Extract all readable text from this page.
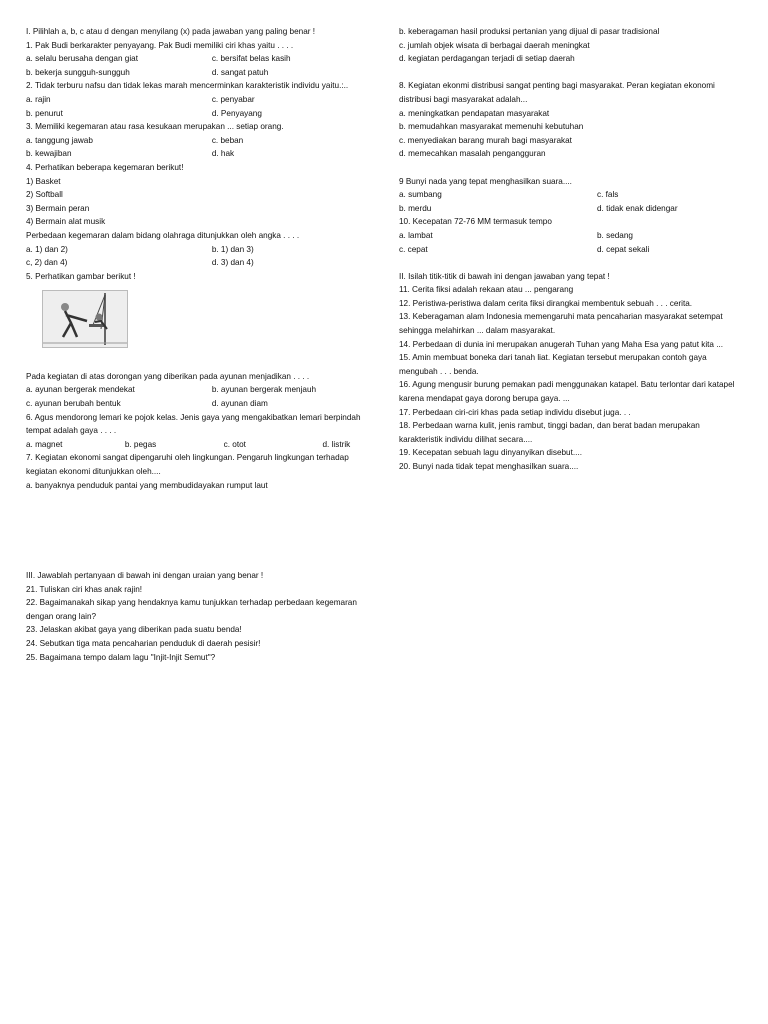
I. Pilihlah a, b, c atau d dengan menyilang (x) pada jawaban yang paling benar !
1. Pak Budi berkarakter penyayang. Pak Budi memiliki ciri khas yaitu . . . .
a. selalu berusaha dengan giat	c. bersifat belas kasih
b. bekerja sungguh-sungguh	d. sangat patuh
2. Tidak terburu nafsu dan tidak lekas marah mencerminkan karakteristik individu yaitu.:..
a. rajin	c. penyabar
b. penurut	d. Penyayang
3. Memiliki kegemaran atau rasa kesukaan merupakan ... setiap orang.
a. tanggung jawab	c. beban
b. kewajiban	d. hak
4. Perhatikan beberapa kegemaran berikut!
1) Basket
2) Softball
3) Bermain peran
4) Bermain alat musik
Perbedaan kegemaran dalam bidang olahraga ditunjukkan oleh angka . . . .
a. 1) dan 2)	b. 1) dan 3)
c, 2) dan 4)	d. 3) dan 4)
5. Perhatikan gambar berikut !
Pada kegiatan di atas dorongan yang diberikan pada ayunan menjadikan . . . .
a. ayunan bergerak mendekat	b. ayunan bergerak menjauh
c. ayunan berubah bentuk	d. ayunan diam
6. Agus mendorong lemari ke pojok kelas. Jenis gaya yang mengakibatkan lemari berpindah tempat adalah gaya . . . .
a. magnet	b. pegas	c. otot	d. listrik
7. Kegiatan ekonomi sangat dipengaruhi oleh lingkungan. Pengaruh lingkungan terhadap kegiatan ekonomi ditunjukkan oleh....
a. banyaknya penduduk pantai yang membudidayakan rumput laut
III. Jawablah pertanyaan di bawah ini dengan uraian yang benar !
21. Tuliskan ciri khas anak rajin!
22. Bagaimanakah sikap yang hendaknya kamu tunjukkan terhadap perbedaan kegemaran dengan orang lain?
23. Jelaskan akibat gaya yang diberikan pada suatu benda!
24. Sebutkan tiga mata pencaharian penduduk di daerah pesisir!
25. Bagaimana tempo dalam lagu "Injit-Injit Semut"?
b. keberagaman hasil produksi pertanian yang dijual di pasar tradisional
c. jumlah objek wisata di berbagai daerah meningkat
d. kegiatan perdagangan terjadi di setiap daerah
8. Kegiatan ekonmi distribusi sangat penting bagi masyarakat. Peran kegiatan ekonomi distribusi bagi masyarakat adalah...
a. meningkatkan pendapatan masyarakat
b. memudahkan masyarakat memenuhi kebutuhan
c. menyediakan barang murah bagi masyarakat
d. memecahkan masalah pengangguran
9 Bunyi nada yang tepat menghasilkan suara....
a. sumbang	c. fals
b. merdu	d. tidak enak didengar
10. Kecepatan 72-76 MM termasuk tempo
a. lambat	b. sedang
c. cepat	d. cepat sekali
II. Isilah titik-titik di bawah ini dengan jawaban yang tepat !
11. Cerita fiksi adalah rekaan atau ... pengarang
12. Peristiwa-peristiwa dalam cerita fiksi dirangkai membentuk sebuah . . . cerita.
13. Keberagaman alam Indonesia memengaruhi mata pencaharian masyarakat setempat sehingga melahirkan ... dalam masyarakat.
14. Perbedaan di dunia ini merupakan anugerah Tuhan yang Maha Esa yang patut kita ...
15. Amin membuat boneka dari tanah liat. Kegiatan tersebut merupakan contoh gaya mengubah . . . benda.
16. Agung mengusir burung pemakan padi menggunakan katapel. Batu terlontar dari katapel karena mendapat gaya dorong berupa gaya. ...
17. Perbedaan ciri-ciri khas pada setiap individu disebut juga. . .
18. Perbedaan warna kulit, jenis rambut, tinggi badan, dan berat badan merupakan karakteristik individu dilihat secara....
19. Kecepatan sebuah lagu dinyanyikan disebut....
20. Bunyi nada tidak tepat menghasilkan suara....
